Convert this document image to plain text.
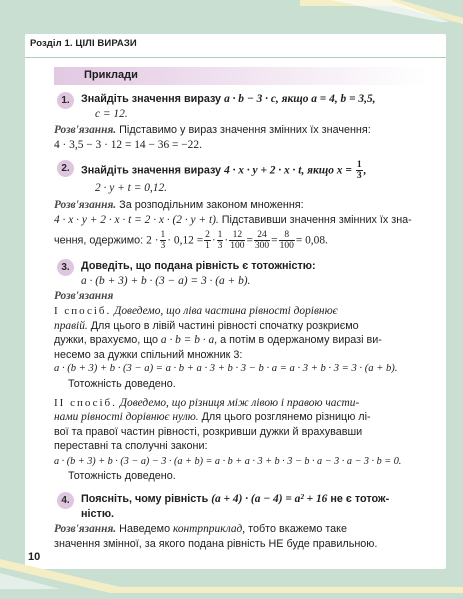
Розділ 1. ЦІЛІ ВИРАЗИ
Приклади
1.	Знайдіть значення виразу a · b − 3 · c, якщо a = 4, b = 3,5,
c = 12.
Розв'язання. Підставимо у вираз значення змінних їх значення:
4 · 3,5 − 3 · 12 = 14 − 36 = −22.
2.	Знайдіть значення виразу 4 · x · y + 2 · x · t, якщо $x = \frac{1}{3}$ ,
2 · y + t = 0,12.
Розв'язання. За розподільним законом множення:
4 · x · y + 2 · x · t = 2 · x · (2 · y + t). Підставивши значення змінних їх зна-
чення, одержимо: $2 \cdot \frac{1}{3} \cdot 0,12 = \frac{2}{1} \cdot \frac{1}{3} \cdot \frac{12}{100} = \frac{24}{300} = \frac{8}{100} = 0,08$.
3.	Доведіть, що подана рівність є тотожністю:
a · (b + 3) + b · (3 − a) = 3 · (a + b).
Розв'язання
І спосіб. Доведемо, що ліва частина рівності дорівнює
правій. Для цього в лівій частині рівності спочатку розкриємо
дужки, врахуємо, що a · b = b · a, а потім в одержаному виразі ви-
несемо за дужки спільний множник 3:
a · (b + 3) + b · (3 − a) = a · b + a · 3 + b · 3 − b · a = a · 3 + b · 3 = 3 · (a + b).
Тотожність доведено.
ІІ спосіб. Доведемо, що різниця між лівою і правою части-
нами рівності дорівнює нулю. Для цього розглянемо різницю лі-
вої та правої частин рівності, розкривши дужки й врахувавши
переставні та сполучні закони:
a · (b + 3) + b · (3 − a) − 3 · (a + b) = a · b + a · 3 + b · 3 − b · a − 3 · a − 3 · b = 0.
Тотожність доведено.
4.	Поясніть, чому рівність (a + 4) · (a − 4) = a² + 16 не є тотож-
ністю.
Розв'язання. Наведемо контрприклад, тобто вкажемо таке
значення змінної, за якого подана рівність НЕ буде правильною.
10
